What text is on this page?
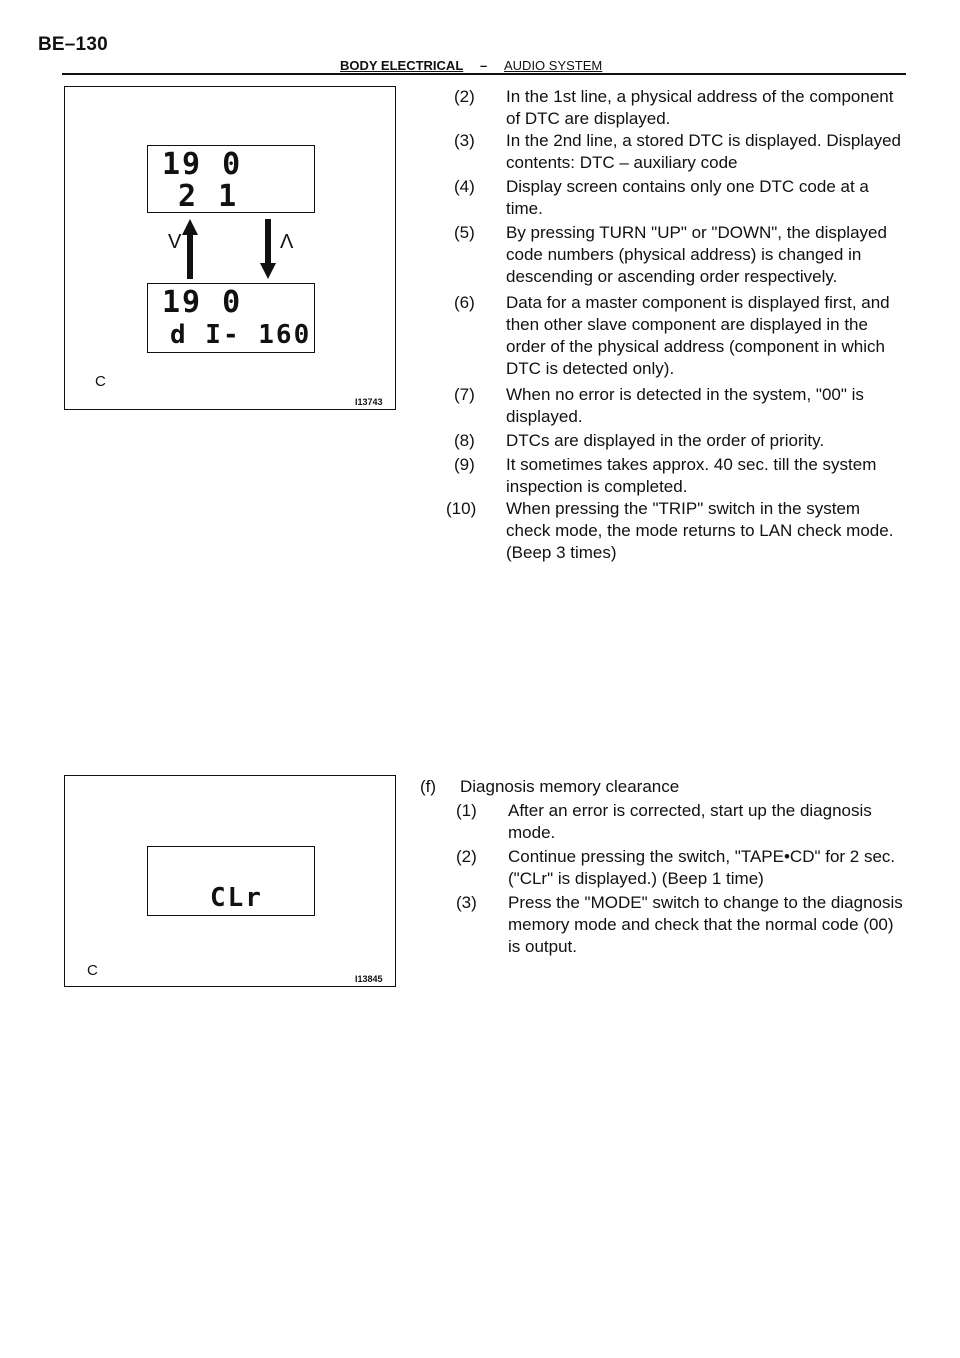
BE–130
BODY ELECTRICAL – AUDIO SYSTEM
19 0
2 1
V	Λ
19 0
d I- 160
C
I13743
CLr
C	I13845
(2) In the 1st line, a physical address of the component of DTC are displayed.
(3) In the 2nd line, a stored DTC is displayed. Displayed contents: DTC – auxiliary code
(4) Display screen contains only one DTC code at a time.
(5) By pressing TURN "UP" or "DOWN", the displayed code numbers (physical address) is changed in descending or ascending order respectively.
(6) Data for a master component is displayed first, and then other slave component are displayed in the order of the physical address (component in which DTC is detected only).
(7) When no error is detected in the system, "00" is displayed.
(8) DTCs are displayed in the order of priority.
(9) It sometimes takes approx. 40 sec. till the system inspection is completed.
(10) When pressing the "TRIP" switch in the system check mode, the mode returns to LAN check mode. (Beep 3 times)
(f) Diagnosis memory clearance
(1) After an error is corrected, start up the diagnosis mode.
(2) Continue pressing the switch, "TAPE•CD" for 2 sec. ("CLr" is displayed.) (Beep 1 time)
(3) Press the "MODE" switch to change to the diagnosis memory mode and check that the normal code (00) is output.
